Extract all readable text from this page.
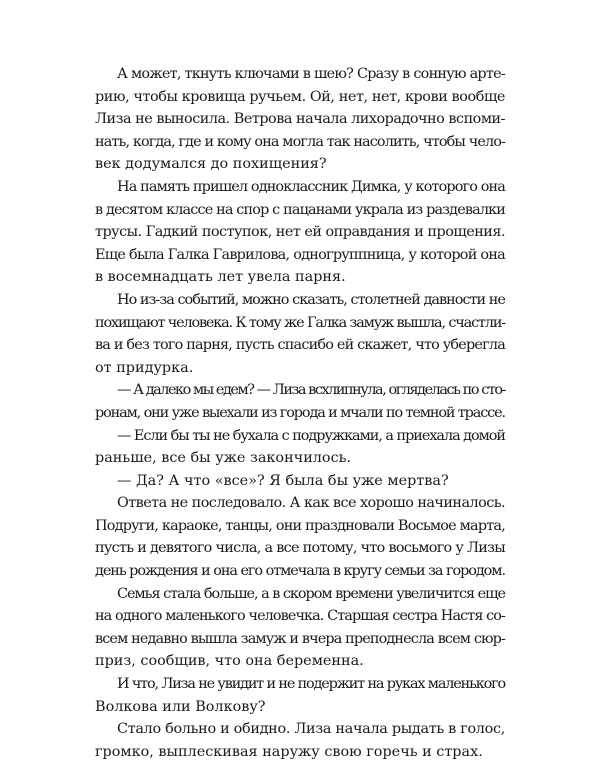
А может, ткнуть ключами в шею? Сразу в сонную арте-
рию, чтобы кровища ручьем. Ой, нет, нет, крови вообще
Лиза не выносила. Ветрова начала лихорадочно вспоми-
нать, когда, где и кому она могла так насолить, чтобы чело-
век додумался до похищения?

На память пришел одноклассник Димка, у которого она
в десятом классе на спор с пацанами украла из раздевалки
трусы. Гадкий поступок, нет ей оправдания и прощения.
Еще была Галка Гаврилова, одногруппница, у которой она
в восемнадцать лет увела парня.

Но из-за событий, можно сказать, столетней давности не
похищают человека. К тому же Галка замуж вышла, счастли-
ва и без того парня, пусть спасибо ей скажет, что уберегла
от придурка.

— А далеко мы едем? — Лиза всхлипнула, огляделась по сто-
ронам, они уже выехали из города и мчали по темной трассе.

— Если бы ты не бухала с подружками, а приехала домой
раньше, все бы уже закончилось.

— Да? А что «все»? Я была бы уже мертва?

Ответа не последовало. А как все хорошо начиналось.
Подруги, караоке, танцы, они праздновали Восьмое марта,
пусть и девятого числа, а все потому, что восьмого у Лизы
день рождения и она его отмечала в кругу семьи за городом.

Семья стала больше, а в скором времени увеличится еще
на одного маленького человечка. Старшая сестра Настя со-
всем недавно вышла замуж и вчера преподнесла всем сюр-
приз, сообщив, что она беременна.

И что, Лиза не увидит и не подержит на руках маленького
Волкова или Волкову?

Стало больно и обидно. Лиза начала рыдать в голос,
громко, выплескивая наружу свою горечь и страх.
